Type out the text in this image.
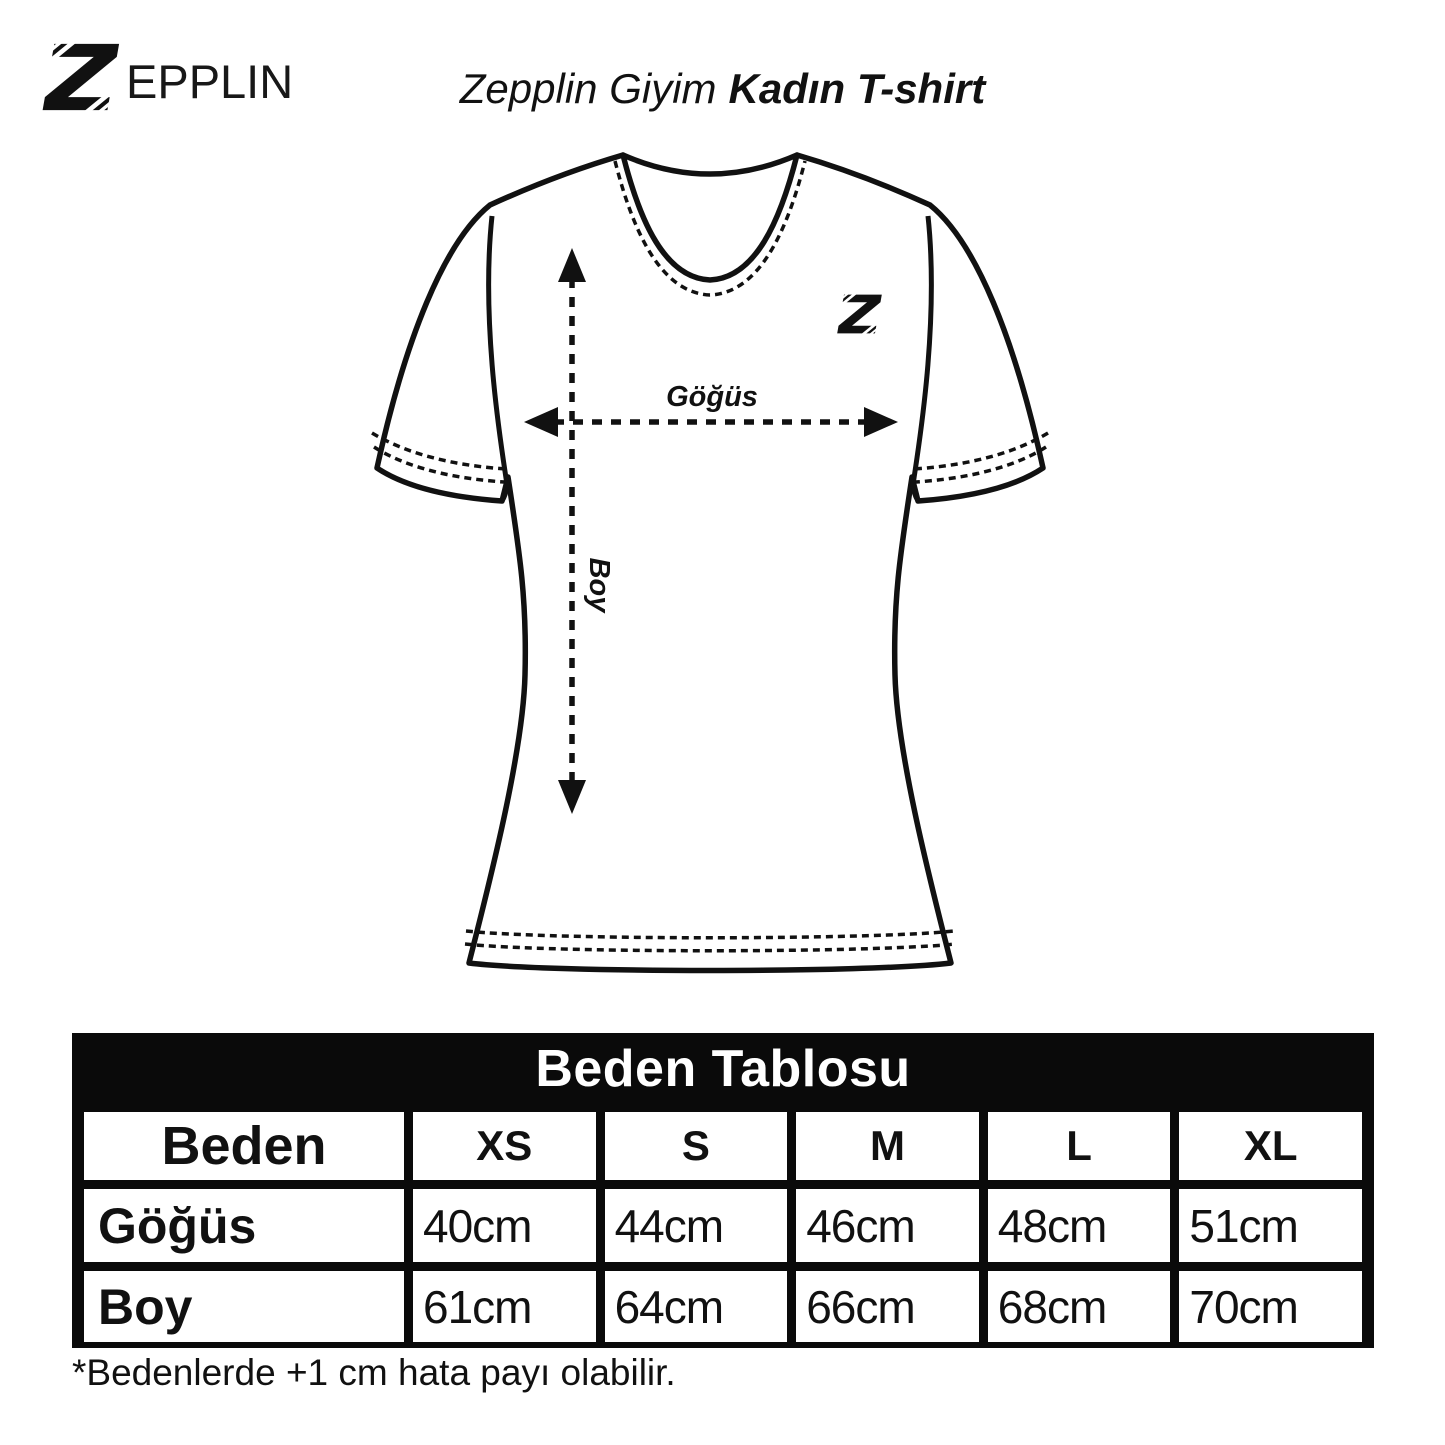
EPPLIN	Zepplin Giyim Kadın T-shirt
Göğüs
Boy
Beden Tablosu
Beden	XS	S	M	L	XL
Göğüs	40cm	44cm	46cm	48cm	51cm
Boy	61cm	64cm	66cm	68cm	70cm
*Bedenlerde +1 cm hata payı olabilir.
